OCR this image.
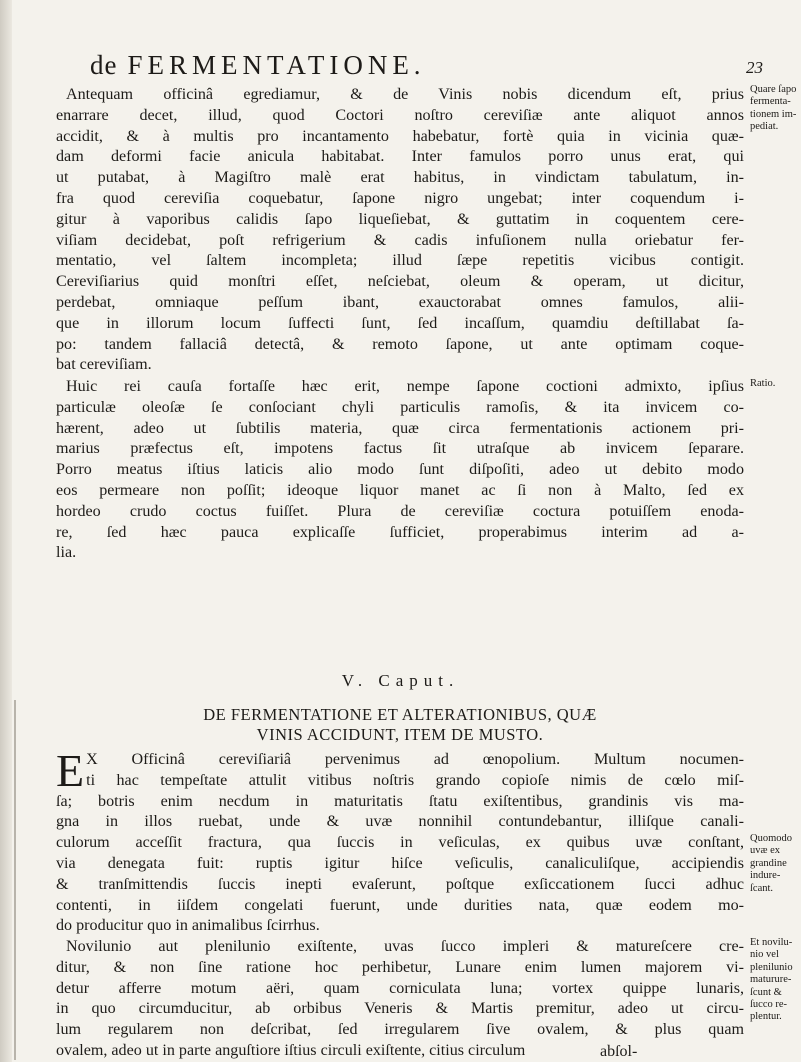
de FERMENTATIONE.	23
Antequam officinâ egrediamur, & de Vinis nobis dicendum eſt, prius
enarrare decet, illud, quod Coctori noſtro cereviſiæ ante aliquot annos
accidit, & à multis pro incantamento habebatur, fortè quia in vicinia quæ-
dam deformi facie anicula habitabat. Inter famulos porro unus erat, qui
ut putabat, à Magiſtro malè erat habitus, in vindictam tabulatum, in-
fra quod cereviſia coquebatur, ſapone nigro ungebat; inter coquendum i-
gitur à vaporibus calidis ſapo liqueſiebat, & guttatim in coquentem cere-
viſiam decidebat, poſt refrigerium & cadis infuſionem nulla oriebatur fer-
mentatio, vel ſaltem incompleta; illud ſæpe repetitis vicibus contigit.
Cereviſiarius quid monſtri eſſet, neſciebat, oleum & operam, ut dicitur,
perdebat, omniaque peſſum ibant, exauctorabat omnes famulos, alii-
que in illorum locum ſuffecti ſunt, ſed incaſſum, quamdiu deſtillabat ſa-
po: tandem fallaciâ detectâ, & remoto ſapone, ut ante optimam coque-
bat cereviſiam.
Huic rei cauſa fortaſſe hæc erit, nempe ſapone coctioni admixto, ipſius
particulæ oleoſæ ſe conſociant chyli particulis ramoſis, & ita invicem co-
hærent, adeo ut ſubtilis materia, quæ circa fermentationis actionem pri-
marius præfectus eſt, impotens factus ſit utraſque ab invicem ſeparare.
Porro meatus iſtius laticis alio modo ſunt diſpoſiti, adeo ut debito modo
eos permeare non poſſit; ideoque liquor manet ac ſi non à Malto, ſed ex
hordeo crudo coctus fuiſſet. Plura de cereviſiæ coctura potuiſſem enoda-
re, ſed hæc pauca explicaſſe ſufficiet, properabimus interim ad a-
lia.
V. Caput.
DE FERMENTATIONE ET ALTERATIONIBUS, QUÆ
VINIS ACCIDUNT, ITEM DE MUSTO.
E X Officinâ cereviſiariâ pervenimus ad œnopolium. Multum nocumen-
ti hac tempeſtate attulit vitibus noſtris grando copioſe nimis de cœlo miſ-
ſa; botris enim necdum in maturitatis ſtatu exiſtentibus, grandinis vis ma-
gna in illos ruebat, unde & uvæ nonnihil contundebantur, illiſque canali-
culorum acceſſit fractura, qua ſuccis in veſiculas, ex quibus uvæ conſtant,
via denegata fuit: ruptis igitur hiſce veſiculis, canaliculiſque, accipiendis
& tranſmittendis ſuccis inepti evaſerunt, poſtque exſiccationem ſucci adhuc
contenti, in iiſdem congelati fuerunt, unde durities nata, quæ eodem mo-
do producitur quo in animalibus ſcirrhus.
Novilunio aut plenilunio exiſtente, uvas ſucco impleri & matureſcere cre-
ditur, & non ſine ratione hoc perhibetur, Lunare enim lumen majorem vi-
detur afferre motum aëri, quam corniculata luna; vortex quippe lunaris,
in quo circumducitur, ab orbibus Veneris & Martis premitur, adeo ut circu-
lum regularem non deſcribat, ſed irregularem ſive ovalem, & plus quam
ovalem, adeo ut in parte anguſtiore iſtius circuli exiſtente, citius circulum	abſol-
Quare ſapo
fermenta-
tionem im-
pediat.
Ratio.
Quomodo
uvæ ex
grandine
indure-
ſcant.
Et novilu-
nio vel
plenilunio
maturure-
ſcunt &
ſucco re-
plentur.
